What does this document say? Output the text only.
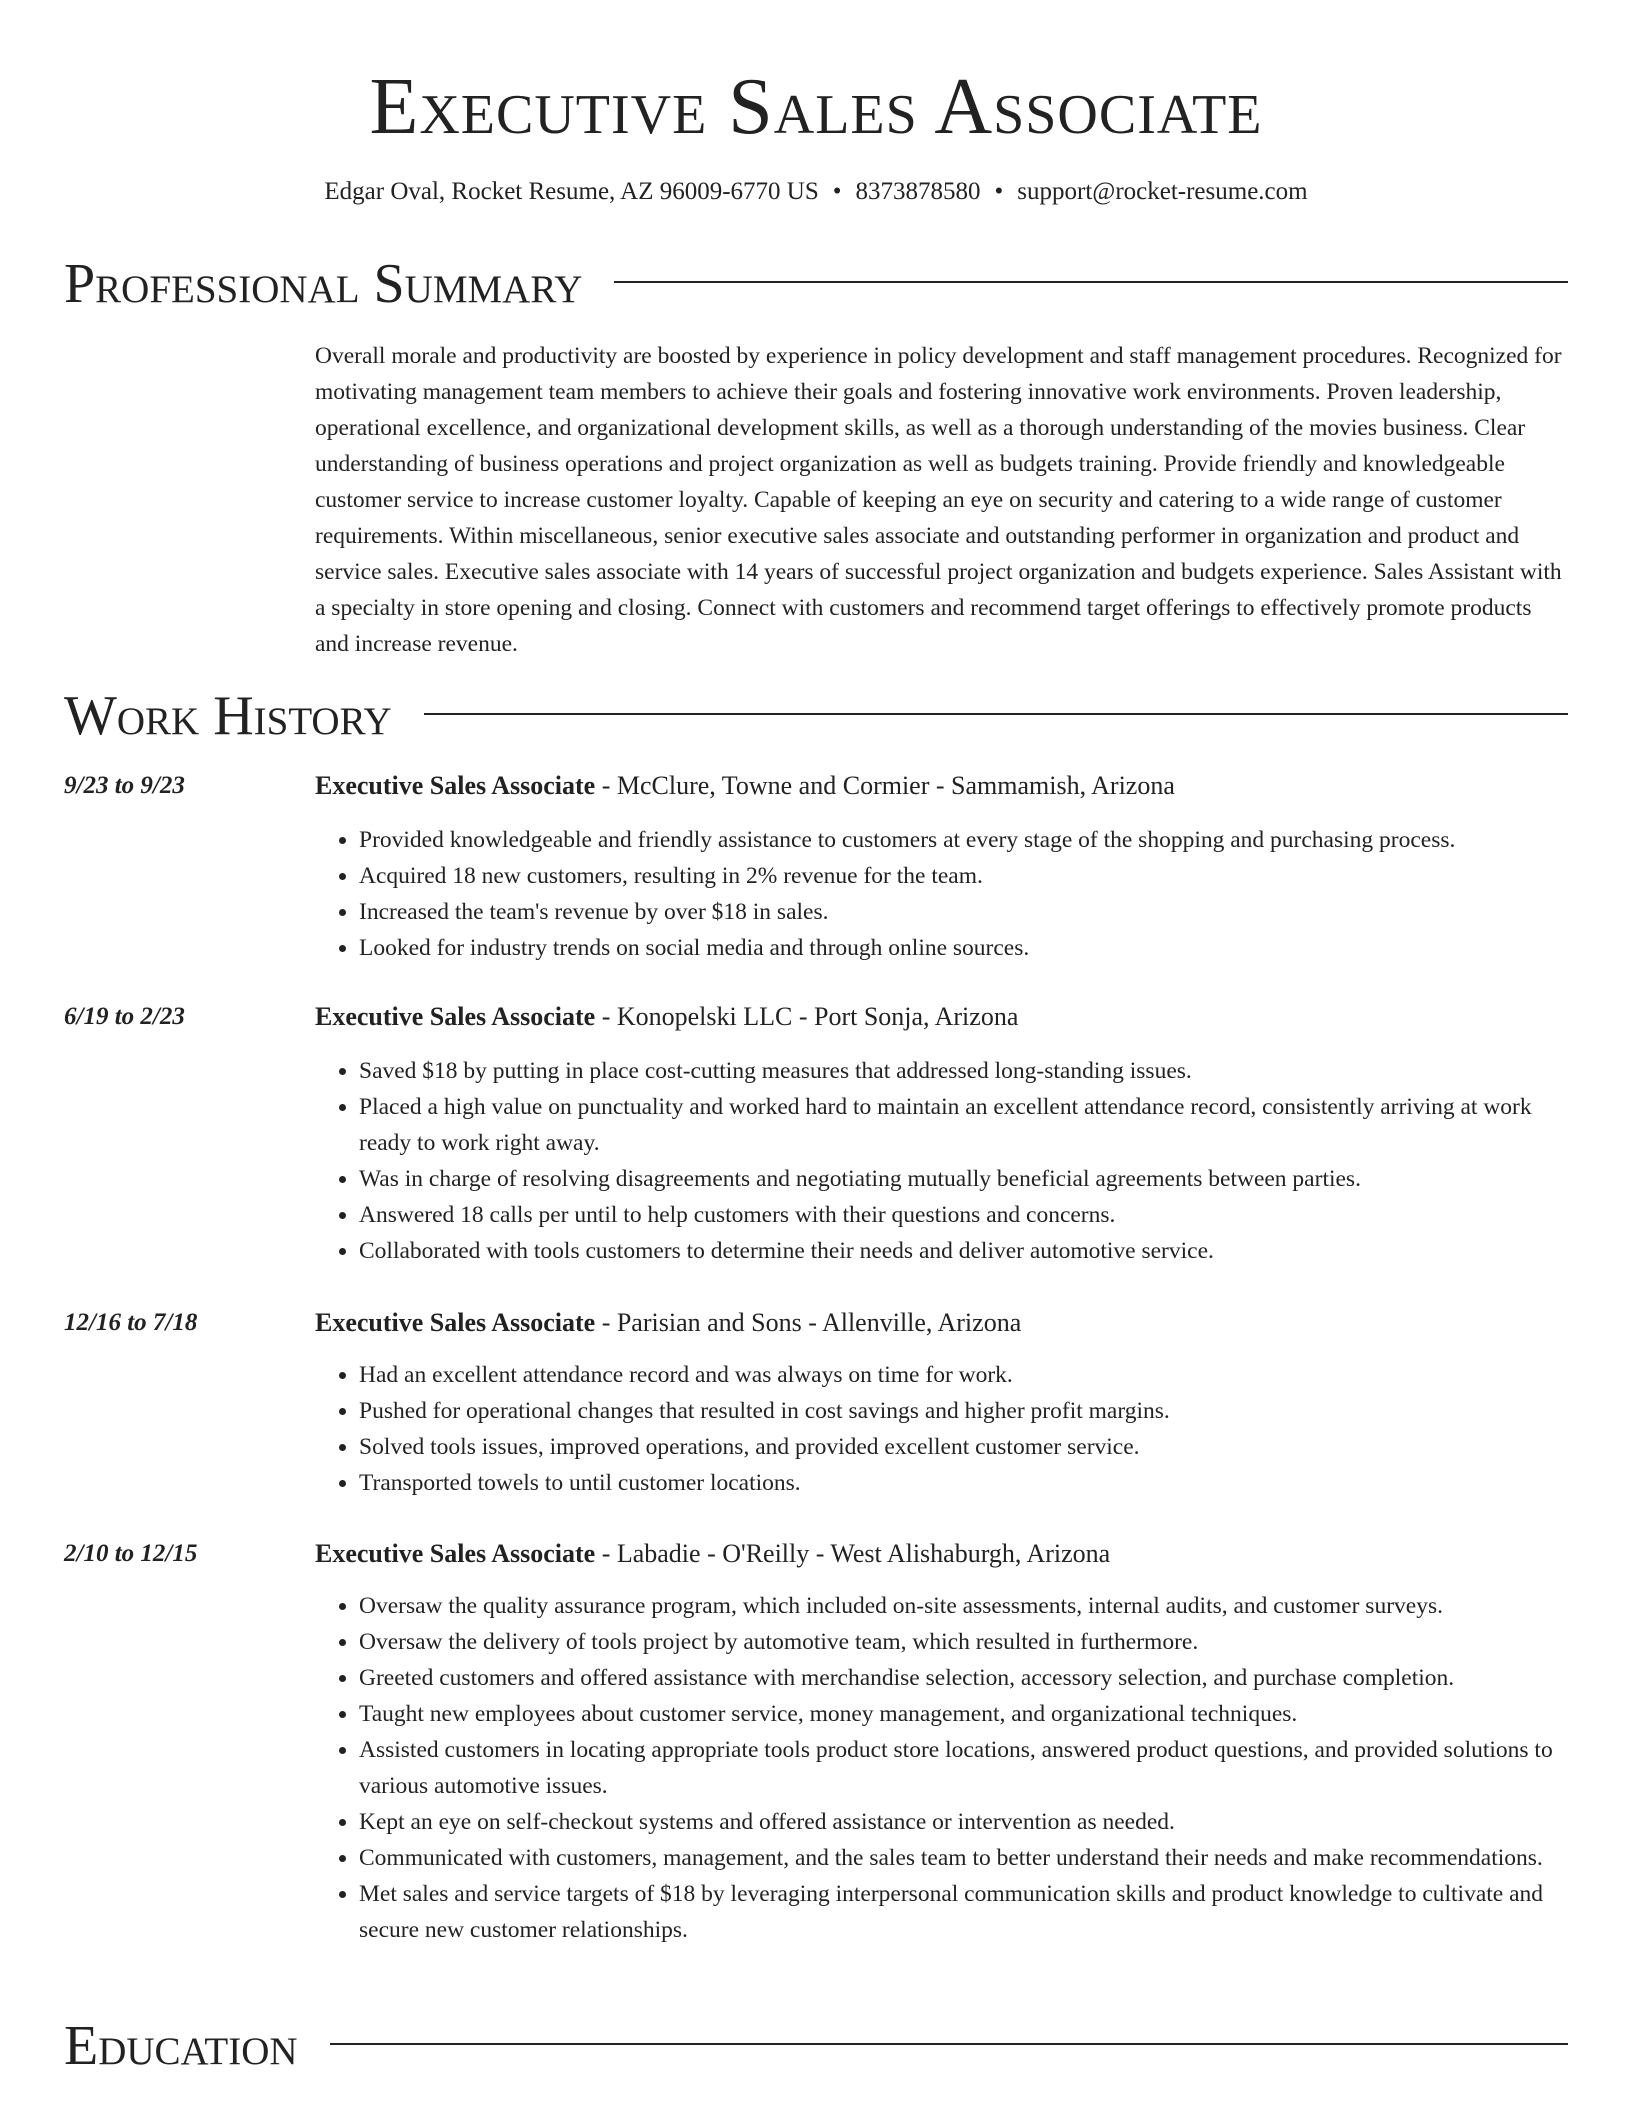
Executive Sales Associate
Edgar Oval, Rocket Resume, AZ 96009-6770 US • 8373878580 • support@rocket-resume.com
Professional Summary

Overall morale and productivity are boosted by experience in policy development and staff management procedures. Recognized for motivating management team members to achieve their goals and fostering innovative work environments. Proven leadership, operational excellence, and organizational development skills, as well as a thorough understanding of the movies business. Clear understanding of business operations and project organization as well as budgets training. Provide friendly and knowledgeable customer service to increase customer loyalty. Capable of keeping an eye on security and catering to a wide range of customer requirements. Within miscellaneous, senior executive sales associate and outstanding performer in organization and product and service sales. Executive sales associate with 14 years of successful project organization and budgets experience. Sales Assistant with a specialty in store opening and closing. Connect with customers and recommend target offerings to effectively promote products and increase revenue.

Work History
9/23 to 9/23	Executive Sales Associate - McClure, Towne and Cormier - Sammamish, Arizona
• Provided knowledgeable and friendly assistance to customers at every stage of the shopping and purchasing process.
• Acquired 18 new customers, resulting in 2% revenue for the team.
• Increased the team's revenue by over $18 in sales.
• Looked for industry trends on social media and through online sources.
6/19 to 2/23	Executive Sales Associate - Konopelski LLC - Port Sonja, Arizona
• Saved $18 by putting in place cost-cutting measures that addressed long-standing issues.
• Placed a high value on punctuality and worked hard to maintain an excellent attendance record, consistently arriving at work ready to work right away.
• Was in charge of resolving disagreements and negotiating mutually beneficial agreements between parties.
• Answered 18 calls per until to help customers with their questions and concerns.
• Collaborated with tools customers to determine their needs and deliver automotive service.
12/16 to 7/18	Executive Sales Associate - Parisian and Sons - Allenville, Arizona
• Had an excellent attendance record and was always on time for work.
• Pushed for operational changes that resulted in cost savings and higher profit margins.
• Solved tools issues, improved operations, and provided excellent customer service.
• Transported towels to until customer locations.
2/10 to 12/15	Executive Sales Associate - Labadie - O'Reilly - West Alishaburgh, Arizona
• Oversaw the quality assurance program, which included on-site assessments, internal audits, and customer surveys.
• Oversaw the delivery of tools project by automotive team, which resulted in furthermore.
• Greeted customers and offered assistance with merchandise selection, accessory selection, and purchase completion.
• Taught new employees about customer service, money management, and organizational techniques.
• Assisted customers in locating appropriate tools product store locations, answered product questions, and provided solutions to various automotive issues.
• Kept an eye on self-checkout systems and offered assistance or intervention as needed.
• Communicated with customers, management, and the sales team to better understand their needs and make recommendations.
• Met sales and service targets of $18 by leveraging interpersonal communication skills and product knowledge to cultivate and secure new customer relationships.
Education
